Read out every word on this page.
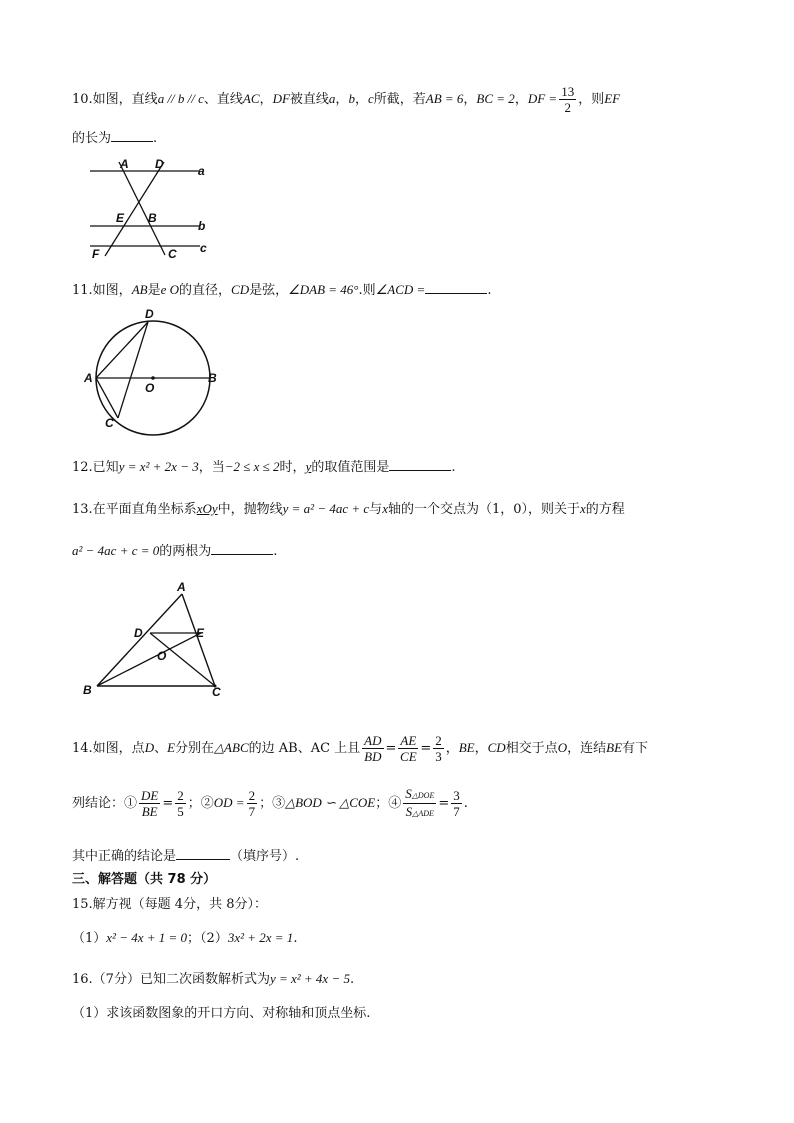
10.如图，直线a // b // c、直线AC，DF被直线a，b，c所截，若AB = 6，BC = 2，DF = $\frac{13}{2}$ ，则EF
的长为	.
A D	a
E B
b
F	C c
11.如图，AB是e O的直径，CD是弦，∠DAB = 46°.则∠ACD =	.
D
A
O
B
C
12.已知y = x² + 2x − 3，当−2 ≤ x ≤ 2时，y的取值范围是	.
13.在平面直角坐标系xOy中，抛物线y = a² − 4ac + c与x轴的一个交点为（1，0），则关于x的方程
a² − 4ac + c = 0的两根为	.
A
D	E
O
B	C
14.如图，点D、E分别在△ABC的边 AB、AC 上且 $\frac{AD}{BD} = \frac{AE}{CE} = \frac{2}{3}$ ，BE，CD相交于点O，连结BE有下
列结论：① $\frac{DE}{BE} = \frac{2}{5}$ ；②OD = $\frac{2}{7}$ ；③△BOD ∽ △COE；④ $\frac{\text{S△DOE}}{\text{S△ADE}} = \frac{3}{7}$ .
其中正确的结论是	（填序号）.
三、解答题（共 78 分）
15.解方视（每题 4分，共 8分）：
（1）x² − 4x + 1 = 0；（2）3x² + 2x = 1.
16.（7分）已知二次函数解析式为y = x² + 4x − 5.
（1）求该函数图象的开口方向、对称轴和顶点坐标.
